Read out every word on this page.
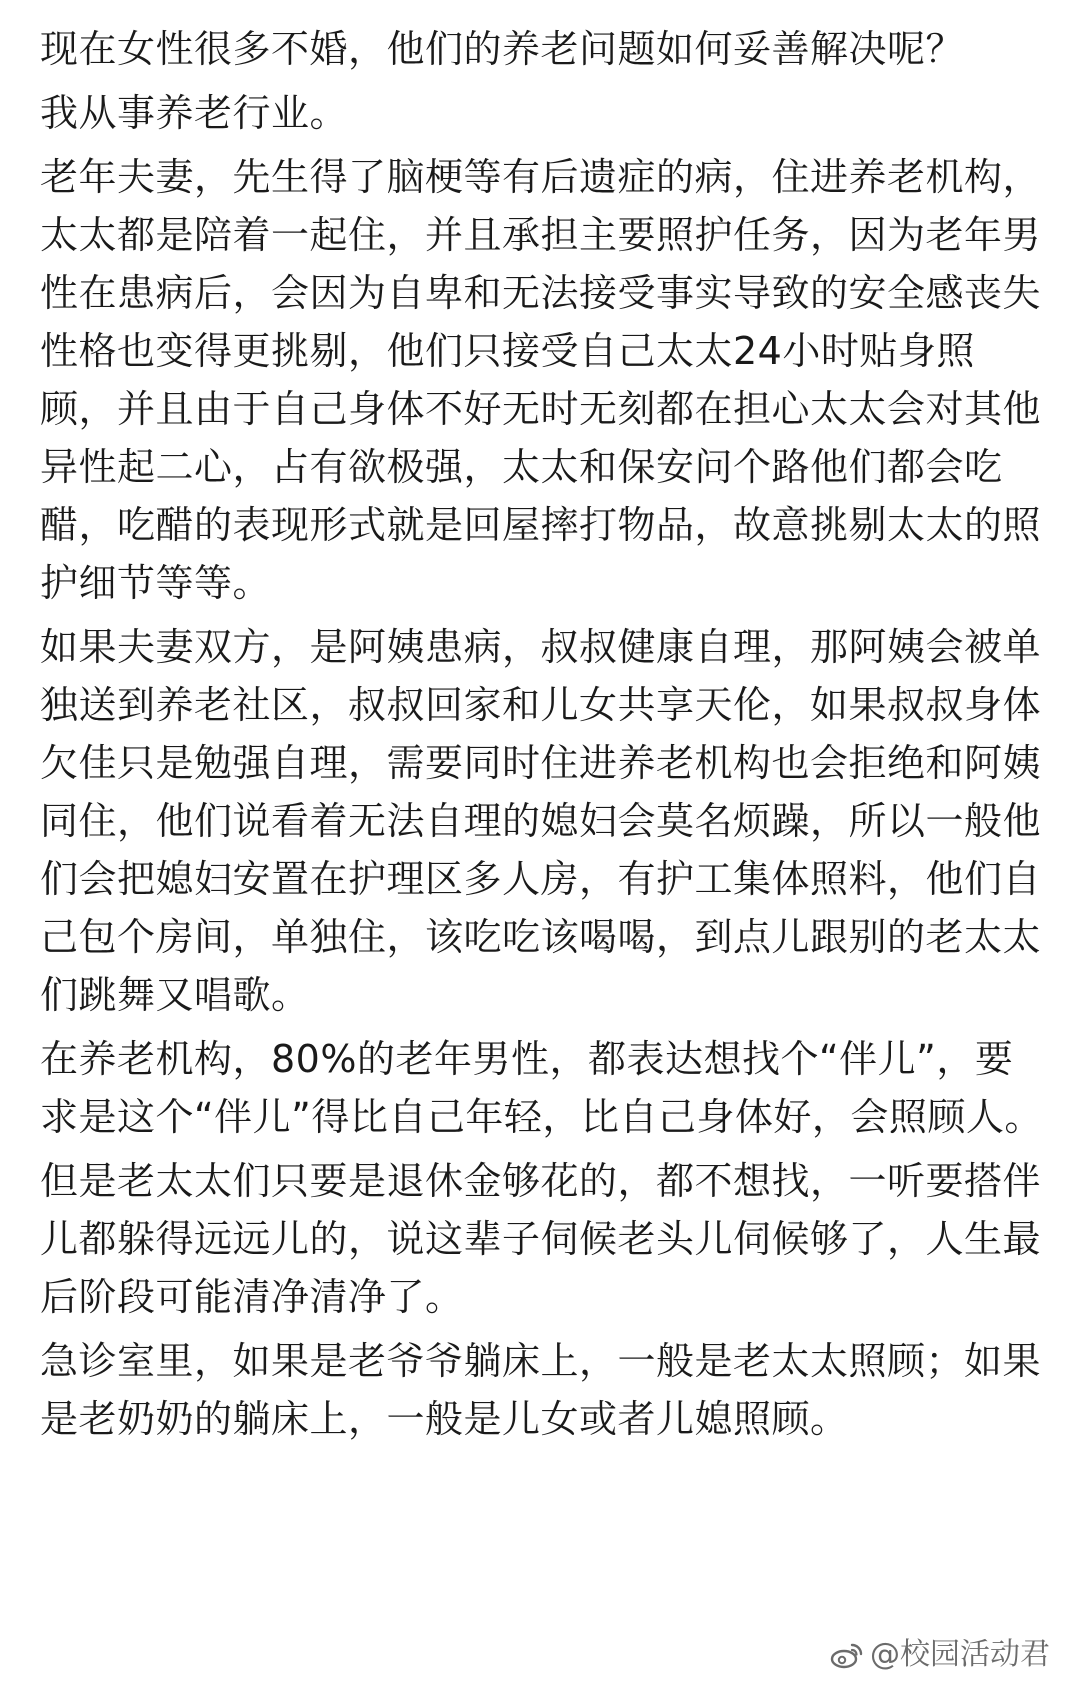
现在女性很多不婚，他们的养老问题如何妥善解决呢？

我从事养老行业。

老年夫妻，先生得了脑梗等有后遗症的病，住进养老机构，太太都是陪着一起住，并且承担主要照护任务，因为老年男性在患病后，会因为自卑和无法接受事实导致的安全感丧失性格也变得更挑剔，他们只接受自己太太24小时贴身照顾，并且由于自己身体不好无时无刻都在担心太太会对其他异性起二心，占有欲极强，太太和保安问个路他们都会吃醋，吃醋的表现形式就是回屋摔打物品，故意挑剔太太的照护细节等等。

如果夫妻双方，是阿姨患病，叔叔健康自理，那阿姨会被单独送到养老社区，叔叔回家和儿女共享天伦，如果叔叔身体欠佳只是勉强自理，需要同时住进养老机构也会拒绝和阿姨同住，他们说看着无法自理的媳妇会莫名烦躁，所以一般他们会把媳妇安置在护理区多人房，有护工集体照料，他们自己包个房间，单独住，该吃吃该喝喝，到点儿跟别的老太太们跳舞又唱歌。

在养老机构，80%的老年男性，都表达想找个“伴儿”，要求是这个“伴儿”得比自己年轻，比自己身体好，会照顾人。

但是老太太们只要是退休金够花的，都不想找，一听要搭伴儿都躲得远远儿的，说这辈子伺候老头儿伺候够了，人生最后阶段可能清净清净了。

急诊室里，如果是老爷爷躺床上，一般是老太太照顾；如果是老奶奶的躺床上，一般是儿女或者儿媳照顾。

@校园活动君
